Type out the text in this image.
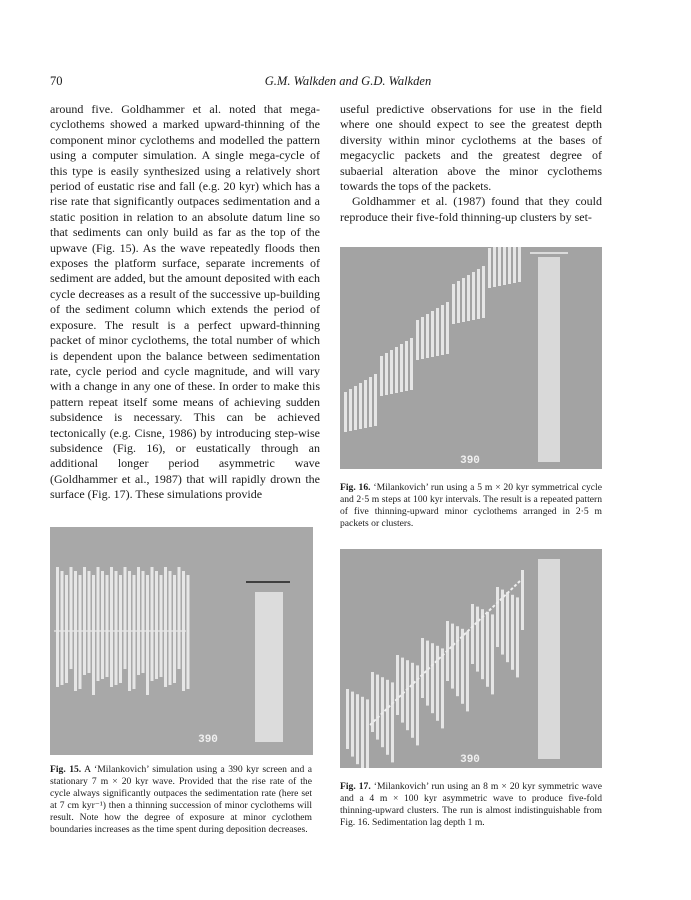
70	G.M. Walkden and G.D. Walkden

around five. Goldhammer et al. noted that mega-cyclothems showed a marked upward-thinning of the component minor cyclothems and modelled the pattern using a computer simulation. A single mega-cycle of this type is easily synthesized using a relatively short period of eustatic rise and fall (e.g. 20 kyr) which has a rise rate that significantly outpaces sedimentation and a static position in relation to an absolute datum line so that sediments can only build as far as the top of the upwave (Fig. 15). As the wave repeatedly floods then exposes the platform surface, separate increments of sediment are added, but the amount deposited with each cycle decreases as a result of the successive up-building of the sediment column which extends the period of exposure. The result is a perfect upward-thinning packet of minor cyclothems, the total number of which is dependent upon the balance between sedimentation rate, cycle period and cycle magnitude, and will vary with a change in any one of these. In order to make this pattern repeat itself some means of achieving sudden subsidence is necessary. This can be achieved tectonically (e.g. Cisne, 1986) by introducing step-wise subsidence (Fig. 16), or eustatically through an additional longer period asymmetric wave (Goldhammer et al., 1987) that will rapidly drown the surface (Fig. 17). These simulations provide

useful predictive observations for use in the field where one should expect to see the greatest depth diversity within minor cyclothems at the bases of megacyclic packets and the greatest degree of subaerial alteration above the minor cyclothems towards the tops of the packets.

Goldhammer et al. (1987) found that they could reproduce their five-fold thinning-up clusters by set-

390
Fig. 16. ‘Milankovich’ run using a 5 m × 20 kyr symmetrical cycle and 2·5 m steps at 100 kyr intervals. The result is a repeated pattern of five thinning-upward minor cyclothems arranged in 2·5 m packets or clusters.
390
Fig. 15. A ‘Milankovich’ simulation using a 390 kyr screen and a stationary 7 m × 20 kyr wave. Provided that the rise rate of the cycle always significantly outpaces the sedimentation rate (here set at 7 cm kyr⁻¹) then a thinning succession of minor cyclothems will result. Note how the degree of exposure at minor cyclothem boundaries increases as the time spent during deposition decreases.
390
Fig. 17. ‘Milankovich’ run using an 8 m × 20 kyr symmetric wave and a 4 m × 100 kyr asymmetric wave to produce five-fold thinning-upward clusters. The run is almost indistinguishable from Fig. 16. Sedimentation lag depth 1 m.
